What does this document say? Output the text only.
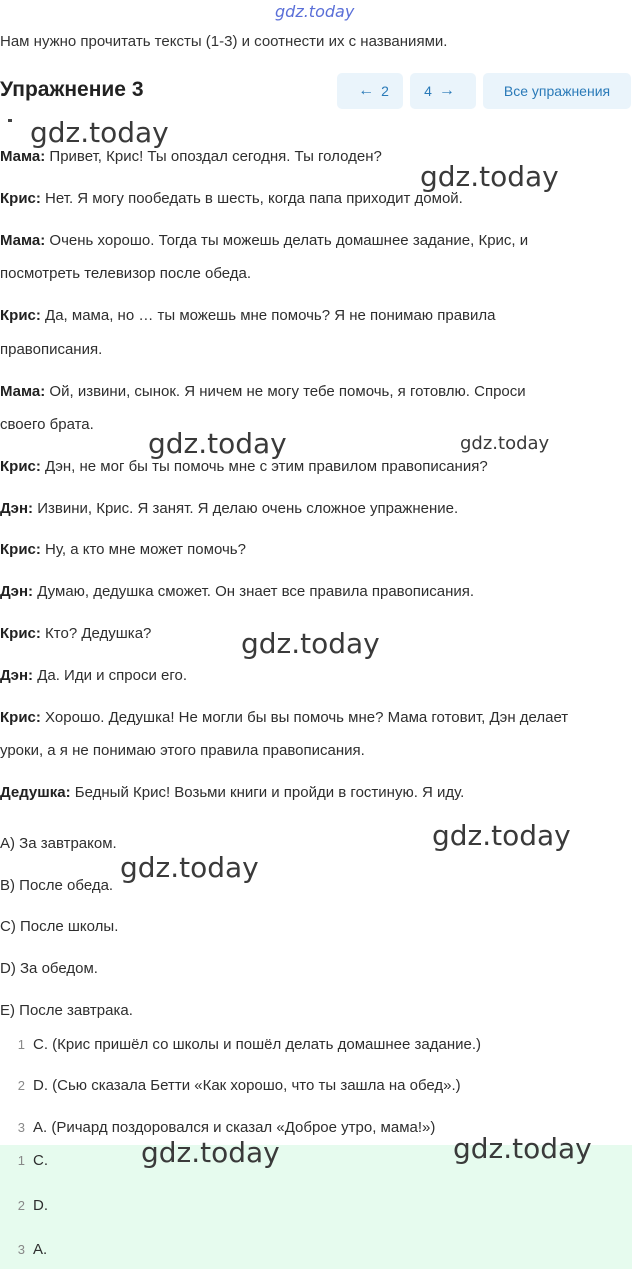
gdz.today
Нам нужно прочитать тексты (1-3) и соотнести их с названиями.
Упражнение 3	← 2	4 →	Все упражнения
Мама: Привет, Крис! Ты опоздал сегодня. Ты голоден?
Крис: Нет. Я могу пообедать в шесть, когда папа приходит домой.
Мама: Очень хорошо. Тогда ты можешь делать домашнее задание, Крис, и
посмотреть телевизор после обеда.
Крис: Да, мама, но … ты можешь мне помочь? Я не понимаю правила
правописания.
Мама: Ой, извини, сынок. Я ничем не могу тебе помочь, я готовлю. Спроси
своего брата.
Крис: Дэн, не мог бы ты помочь мне с этим правилом правописания?
Дэн: Извини, Крис. Я занят. Я делаю очень сложное упражнение.
Крис: Ну, а кто мне может помочь?
Дэн: Думаю, дедушка сможет. Он знает все правила правописания.
Крис: Кто? Дедушка?
Дэн: Да. Иди и спроси его.
Крис: Хорошо. Дедушка! Не могли бы вы помочь мне? Мама готовит, Дэн делает
уроки, а я не понимаю этого правила правописания.
Дедушка: Бедный Крис! Возьми книги и пройди в гостиную. Я иду.
A) За завтраком.
B) После обеда.
C) После школы.
D) За обедом.
E) После завтрака.
1 C. (Крис пришёл со школы и пошёл делать домашнее задание.)
2 D. (Сью сказала Бетти «Как хорошо, что ты зашла на обед».)
3 A. (Ричард поздоровался и сказал «Доброе утро, мама!»)
1 C.
2 D.
3 A.
gdz.today
gdz.today
gdz.today	gdz.today
gdz.today
gdz.today
gdz.today
gdz.today	gdz.today
